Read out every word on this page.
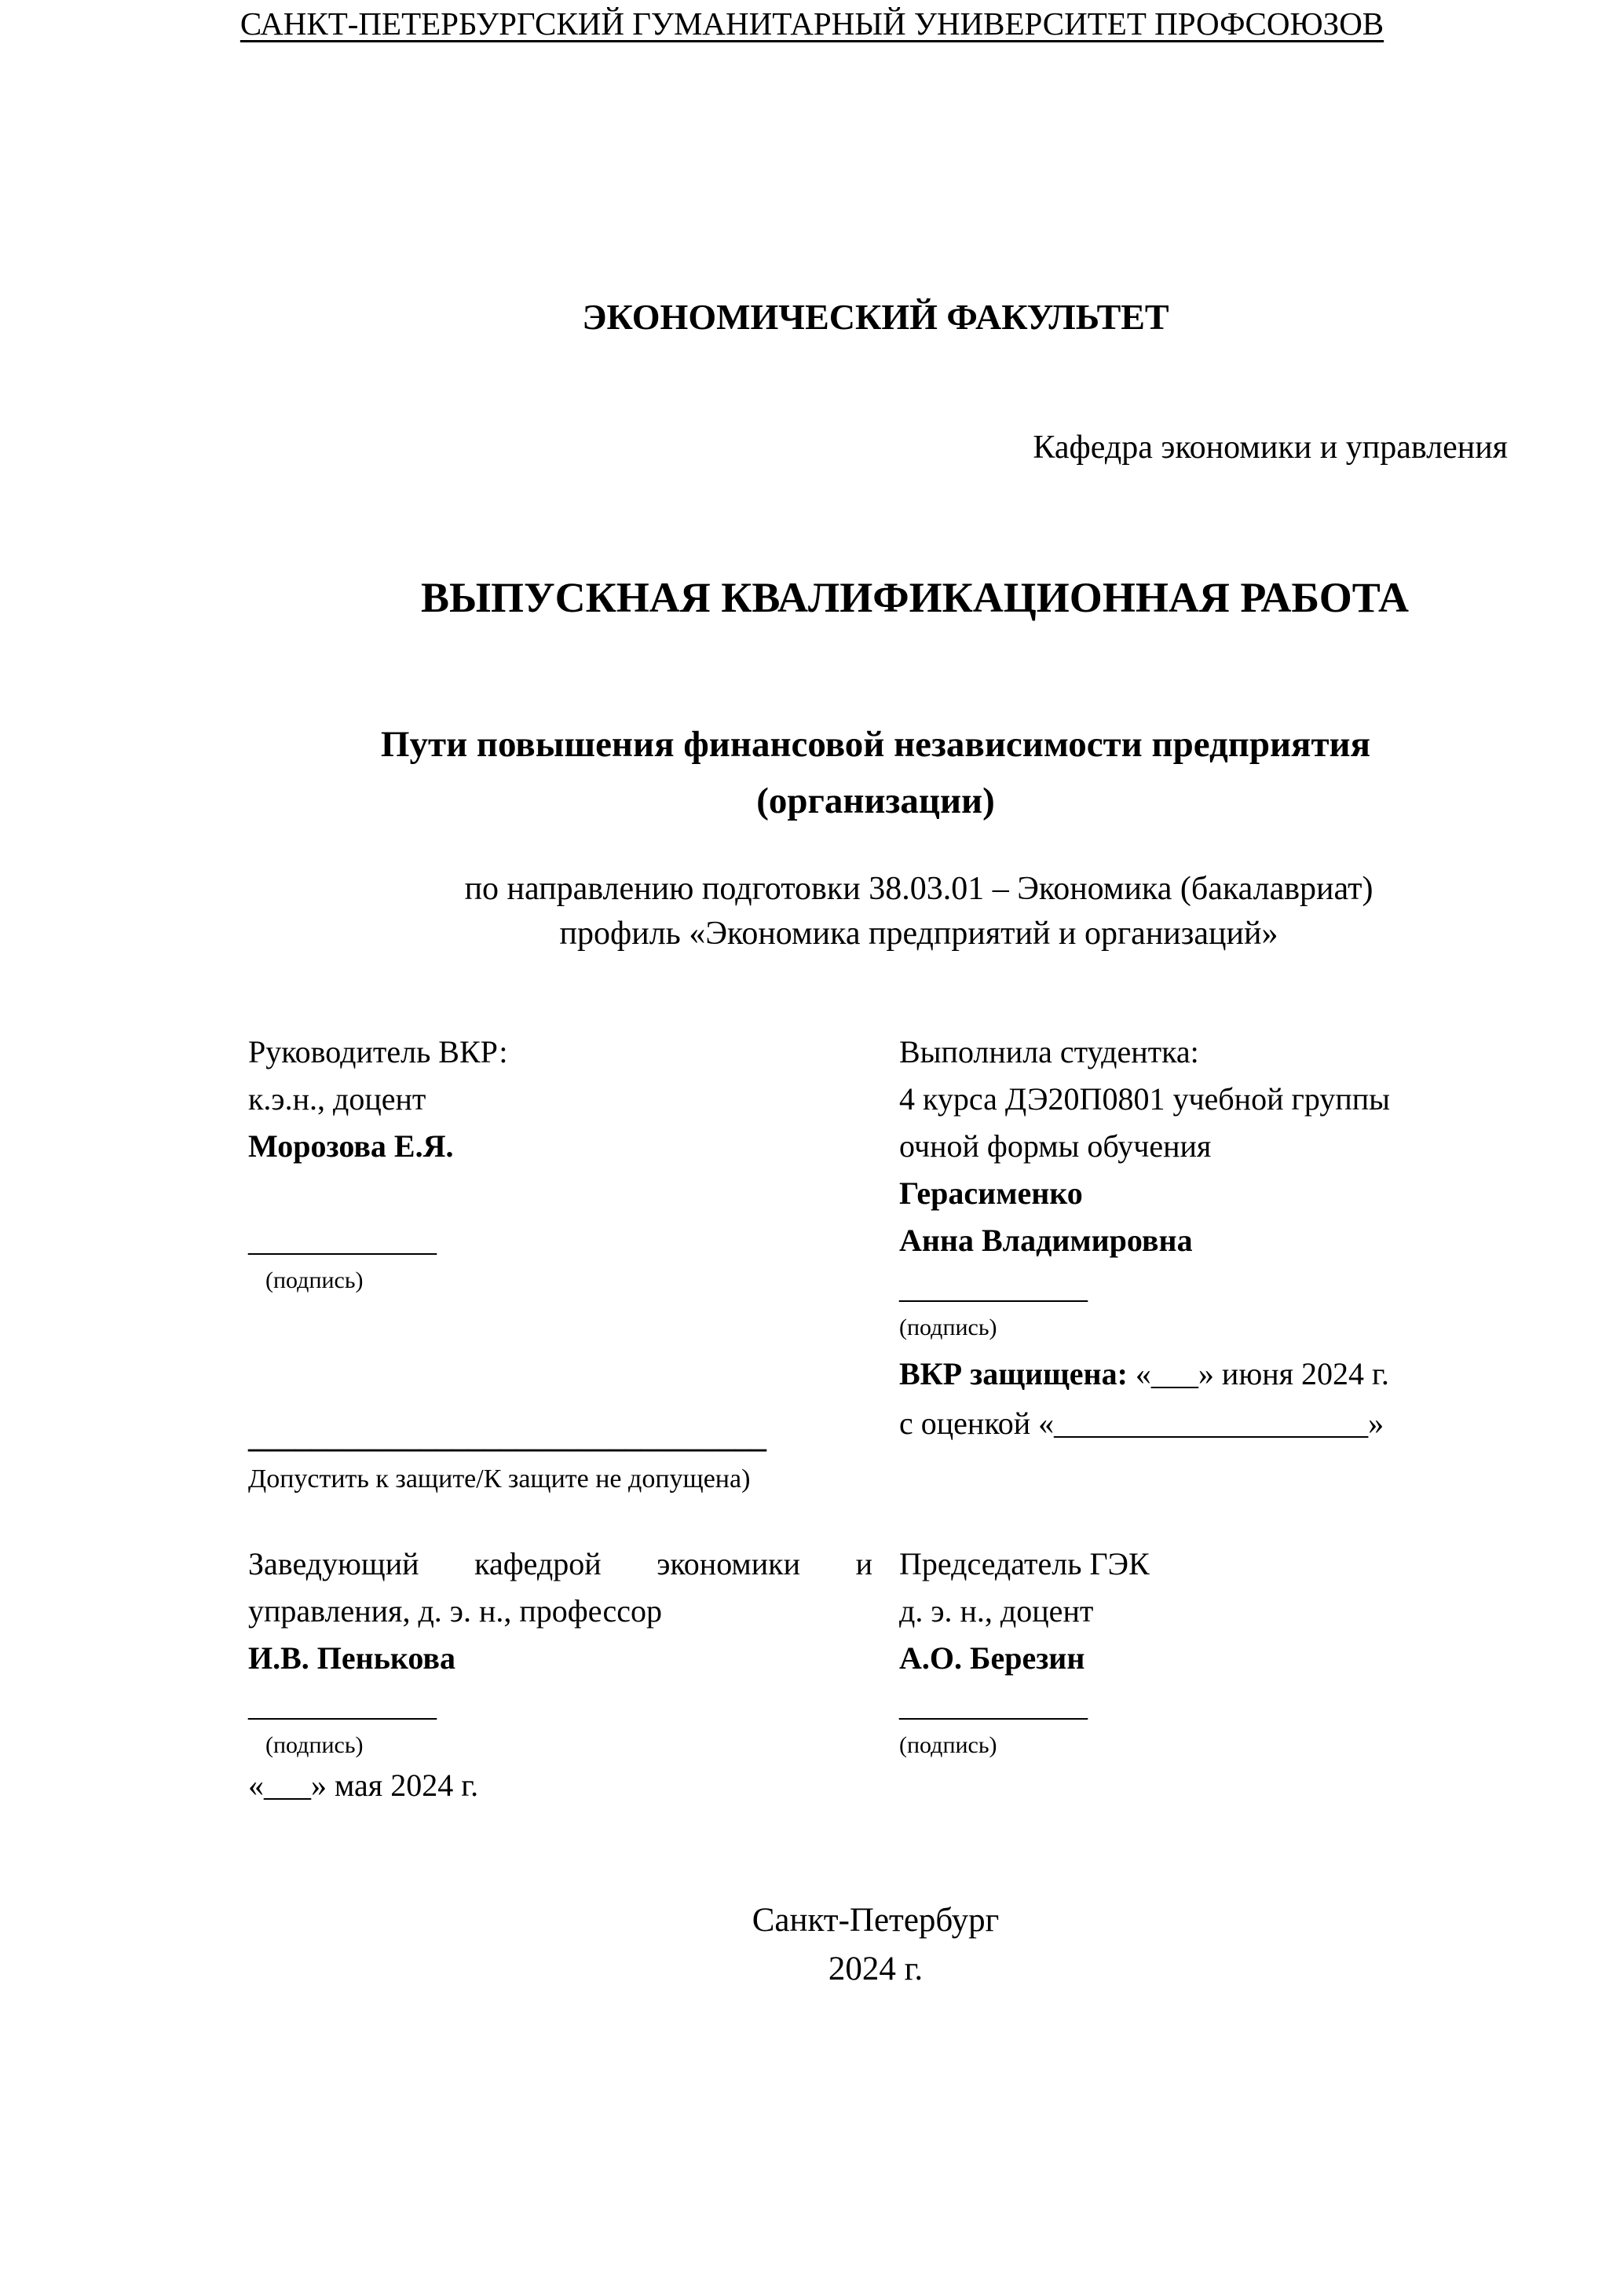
САНКТ-ПЕТЕРБУРГСКИЙ ГУМАНИТАРНЫЙ УНИВЕРСИТЕТ ПРОФСОЮЗОВ
ЭКОНОМИЧЕСКИЙ ФАКУЛЬТЕТ
Кафедра экономики и управления
ВЫПУСКНАЯ КВАЛИФИКАЦИОННАЯ РАБОТА
Пути повышения финансовой независимости предприятия
(организации)
по направлению подготовки 38.03.01 – Экономика (бакалавриат)
профиль «Экономика предприятий и организаций»
Руководитель ВКР:
к.э.н., доцент
Морозова Е.Я.

____________
(подпись)
Выполнила студентка:
4 курса ДЭ20П0801 учебной группы
очной формы обучения
Герасименко
Анна Владимировна
____________
(подпись)
ВКР защищена: «___» июня 2024 г.
с оценкой «____________________»
_________________________________
Допустить к защите/К защите не допущена)
Заведующий кафедрой экономики и
управления, д. э. н., профессор
И.В. Пенькова
____________
(подпись)
«___» мая 2024 г.
Председатель ГЭК
д. э. н., доцент
А.О. Березин
____________
(подпись)
Санкт-Петербург
2024 г.
